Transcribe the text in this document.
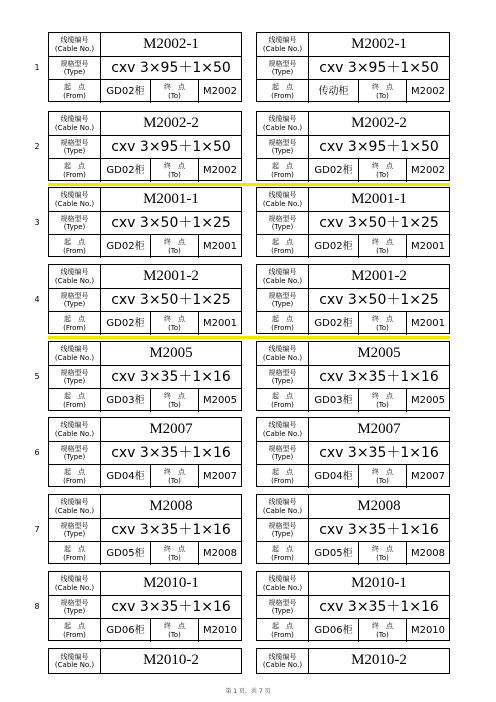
1
线缆编号
(Cable No.)	M2002-1
规格型号
(Type)	cxv 3×95＋1×50
起　点
(From)	GD02柜	终　点
(To)	M2002
线缆编号
(Cable No.)	M2002-1
规格型号
(Type)	cxv 3×95＋1×50
起　点
(From)	传动柜	终　点
(To)	M2002
2
线缆编号
(Cable No.)	M2002-2
规格型号
(Type)	cxv 3×95＋1×50
起　点
(From)	GD02柜	终　点
(To)	M2002
线缆编号
(Cable No.)	M2002-2
规格型号
(Type)	cxv 3×95＋1×50
起　点
(From)	GD02柜	终　点
(To)	M2002
3
线缆编号
(Cable No.)	M2001-1
规格型号
(Type)	cxv 3×50＋1×25
起　点
(From)	GD02柜	终　点
(To)	M2001
线缆编号
(Cable No.)	M2001-1
规格型号
(Type)	cxv 3×50＋1×25
起　点
(From)	GD02柜	终　点
(To)	M2001
4
线缆编号
(Cable No.)	M2001-2
规格型号
(Type)	cxv 3×50＋1×25
起　点
(From)	GD02柜	终　点
(To)	M2001
线缆编号
(Cable No.)	M2001-2
规格型号
(Type)	cxv 3×50＋1×25
起　点
(From)	GD02柜	终　点
(To)	M2001
5
线缆编号
(Cable No.)	M2005
规格型号
(Type)	cxv 3×35＋1×16
起　点
(From)	GD03柜	终　点
(To)	M2005
线缆编号
(Cable No.)	M2005
规格型号
(Type)	cxv 3×35＋1×16
起　点
(From)	GD03柜	终　点
(To)	M2005
6
线缆编号
(Cable No.)	M2007
规格型号
(Type)	cxv 3×35＋1×16
起　点
(From)	GD04柜	终　点
(To)	M2007
线缆编号
(Cable No.)	M2007
规格型号
(Type)	cxv 3×35＋1×16
起　点
(From)	GD04柜	终　点
(To)	M2007
7
线缆编号
(Cable No.)	M2008
规格型号
(Type)	cxv 3×35＋1×16
起　点
(From)	GD05柜	终　点
(To)	M2008
线缆编号
(Cable No.)	M2008
规格型号
(Type)	cxv 3×35＋1×16
起　点
(From)	GD05柜	终　点
(To)	M2008
8
线缆编号
(Cable No.)	M2010-1
规格型号
(Type)	cxv 3×35＋1×16
起　点
(From)	GD06柜	终　点
(To)	M2010
线缆编号
(Cable No.)	M2010-1
规格型号
(Type)	cxv 3×35＋1×16
起　点
(From)	GD06柜	终　点
(To)	M2010
线缆编号
(Cable No.)	M2010-2	线缆编号
(Cable No.)	M2010-2
第 1 页，共 7 页
